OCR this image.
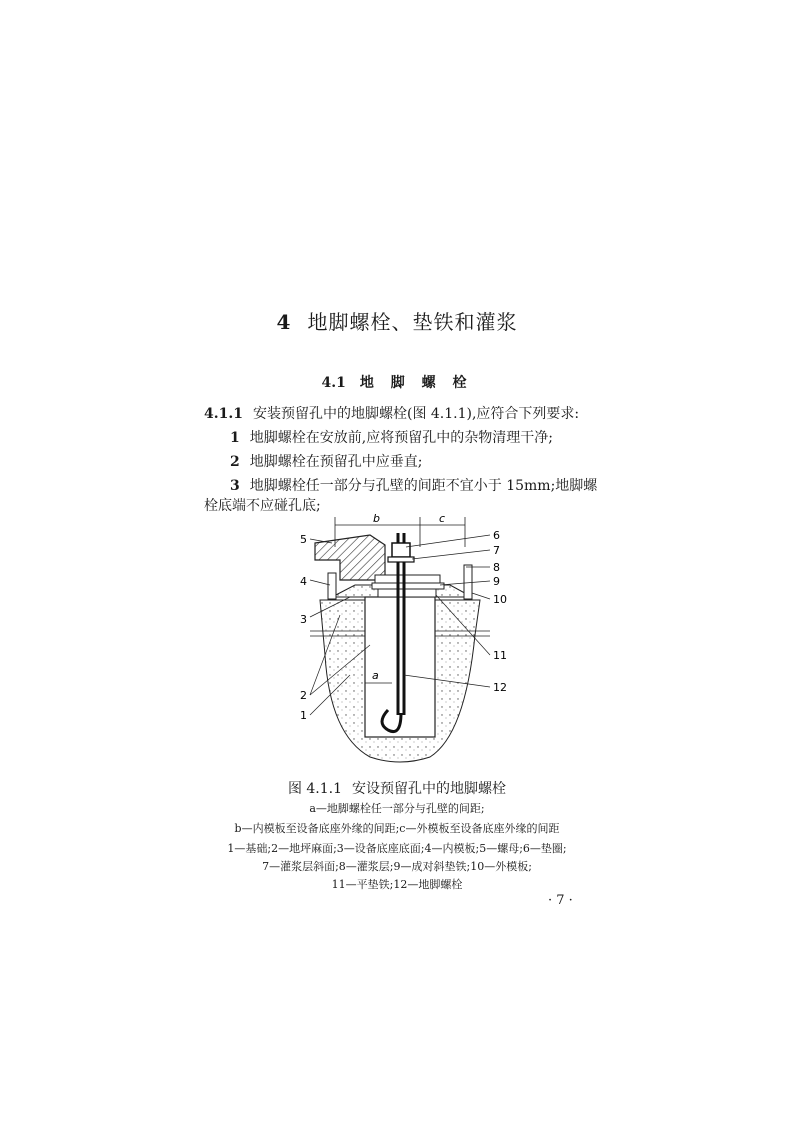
4 地脚螺栓、垫铁和灌浆
4.1 地 脚 螺 栓
4.1.1 安装预留孔中的地脚螺栓(图 4.1.1),应符合下列要求:
1 地脚螺栓在安放前,应将预留孔中的杂物清理干净;
2 地脚螺栓在预留孔中应垂直;
3 地脚螺栓任一部分与孔壁的间距不宜小于 15mm;地脚螺
栓底端不应碰孔底;
b	c
a
5
4
3
2
1
6
7
8
9
10
11
12
图 4.1.1 安设预留孔中的地脚螺栓
a—地脚螺栓任一部分与孔壁的间距;
b—内模板至设备底座外缘的间距;c—外模板至设备底座外缘的间距
1—基础;2—地坪麻面;3—设备底座底面;4—内模板;5—螺母;6—垫圈;
7—灌浆层斜面;8—灌浆层;9—成对斜垫铁;10—外模板;
11—平垫铁;12—地脚螺栓
· 7 ·
